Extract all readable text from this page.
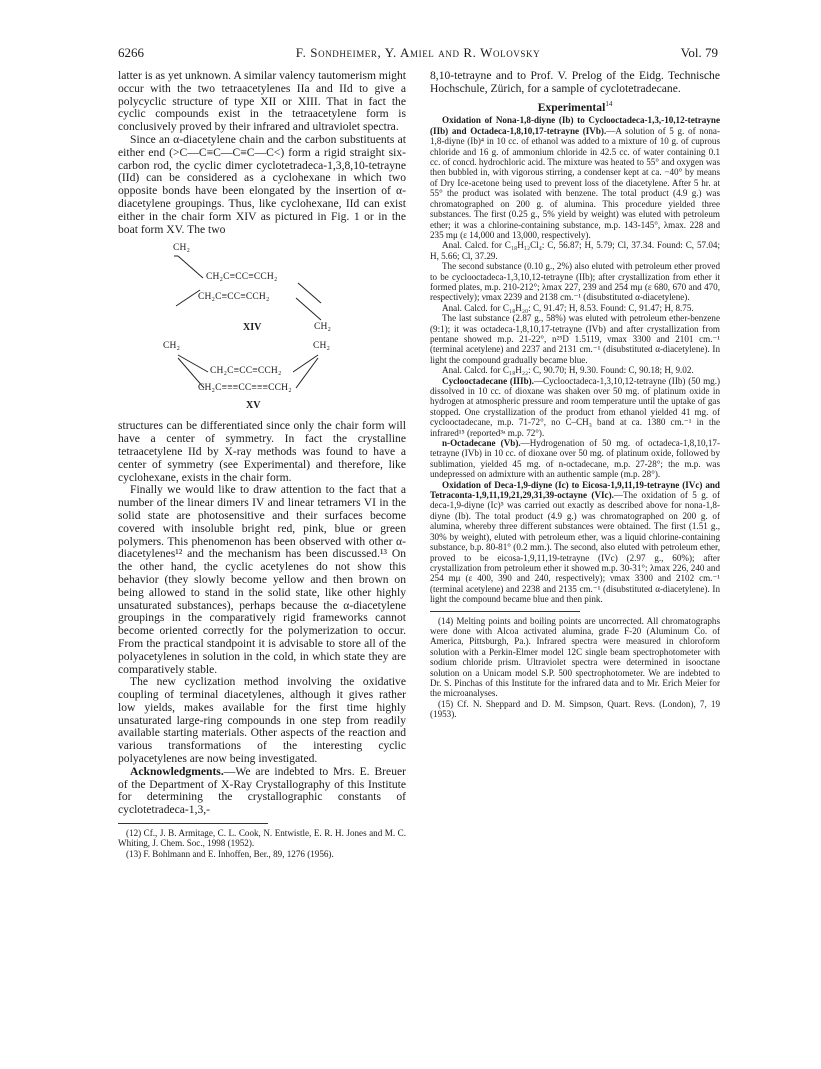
6266	F. Sondheimer, Y. Amiel and R. Wolovsky	Vol. 79

latter is as yet unknown. A similar valency tautomerism might occur with the two tetraacetylenes IIa and IId to give a polycyclic structure of type XII or XIII. That in fact the cyclic compounds exist in the tetraacetylene form is conclusively proved by their infrared and ultraviolet spectra.

Since an α-diacetylene chain and the carbon substituents at either end (>C—C≡C—C≡C—C<) form a rigid straight six-carbon rod, the cyclic dimer cyclotetradeca-1,3,8,10-tetrayne (IId) can be considered as a cyclohexane in which two opposite bonds have been elongated by the insertion of α-diacetylene groupings. Thus, like cyclohexane, IId can exist either in the chair form XIV as pictured in Fig. 1 or in the boat form XV. The two

CH₂
CH₂C≡CC≡CCH₂
CH₂C≡CC≡CCH₂
CH₂
XIV
CH₂	CH₂
CH₂C≡CC≡CCH₂
CH₂C≡≡≡CC≡≡≡CCH₂
XV

structures can be differentiated since only the chair form will have a center of symmetry. In fact the crystalline tetraacetylene IId by X-ray methods was found to have a center of symmetry (see Experimental) and therefore, like cyclohexane, exists in the chair form.

Finally we would like to draw attention to the fact that a number of the linear dimers IV and linear tetramers VI in the solid state are photosensitive and their surfaces become covered with insoluble bright red, pink, blue or green polymers. This phenomenon has been observed with other α-diacetylenes¹² and the mechanism has been discussed.¹³ On the other hand, the cyclic acetylenes do not show this behavior (they slowly become yellow and then brown on being allowed to stand in the solid state, like other highly unsaturated substances), perhaps because the α-diacetylene groupings in the comparatively rigid frameworks cannot become oriented correctly for the polymerization to occur. From the practical standpoint it is advisable to store all of the polyacetylenes in solution in the cold, in which state they are comparatively stable.

The new cyclization method involving the oxidative coupling of terminal diacetylenes, although it gives rather low yields, makes available for the first time highly unsaturated large-ring compounds in one step from readily available starting materials. Other aspects of the reaction and various transformations of the interesting cyclic polyacetylenes are now being investigated.

Acknowledgments.—We are indebted to Mrs. E. Breuer of the Department of X-Ray Crystallography of this Institute for determining the crystallographic constants of cyclotetradeca-1,3,-

(12) Cf., J. B. Armitage, C. L. Cook, N. Entwistle, E. R. H. Jones and M. C. Whiting, J. Chem. Soc., 1998 (1952).

(13) F. Bohlmann and E. Inhoffen, Ber., 89, 1276 (1956).

8,10-tetrayne and to Prof. V. Prelog of the Eidg. Technische Hochschule, Zürich, for a sample of cyclotetradecane.

Experimental$^{14}$

Oxidation of Nona-1,8-diyne (Ib) to Cyclooctadeca-1,3,-10,12-tetrayne (IIb) and Octadeca-1,8,10,17-tetrayne (IVb).—A solution of 5 g. of nona-1,8-diyne (Ib)⁴ in 10 cc. of ethanol was added to a mixture of 10 g. of cuprous chloride and 16 g. of ammonium chloride in 42.5 cc. of water containing 0.1 cc. of concd. hydrochloric acid. The mixture was heated to 55° and oxygen was then bubbled in, with vigorous stirring, a condenser kept at ca. −40° by means of Dry Ice-acetone being used to prevent loss of the diacetylene. After 5 hr. at 55° the product was isolated with benzene. The total product (4.9 g.) was chromatographed on 200 g. of alumina. This procedure yielded three substances. The first (0.25 g., 5% yield by weight) was eluted with petroleum ether; it was a chlorine-containing substance, m.p. 143-145°, λmax. 228 and 235 mμ (ε 14,000 and 13,000, respectively).

Anal. Calcd. for C₁₈H₁₂Cl₄: C, 56.87; H, 5.79; Cl, 37.34. Found: C, 57.04; H, 5.66; Cl, 37.29.

The second substance (0.10 g., 2%) also eluted with petroleum ether proved to be cyclooctadeca-1,3,10,12-tetrayne (IIb); after crystallization from ether it formed plates, m.p. 210-212°; λmax 227, 239 and 254 mμ (ε 680, 670 and 470, respectively); νmax 2239 and 2138 cm.⁻¹ (disubstituted α-diacetylene).

Anal. Calcd. for C₁₈H₂₀: C, 91.47; H, 8.53. Found: C, 91.47; H, 8.75.

The last substance (2.87 g., 58%) was eluted with petroleum ether-benzene (9:1); it was octadeca-1,8,10,17-tetrayne (IVb) and after crystallization from pentane showed m.p. 21-22°, n²⁵D 1.5119, νmax 3300 and 2101 cm.⁻¹ (terminal acetylene) and 2237 and 2131 cm.⁻¹ (disubstituted α-diacetylene). In light the compound gradually became blue.

Anal. Calcd. for C₁₈H₂₂: C, 90.70; H, 9.30. Found: C, 90.18; H, 9.02.

Cyclooctadecane (IIIb).—Cyclooctadeca-1,3,10,12-tetrayne (IIb) (50 mg.) dissolved in 10 cc. of dioxane was shaken over 50 mg. of platinum oxide in hydrogen at atmospheric pressure and room temperature until the uptake of gas stopped. One crystallization of the product from ethanol yielded 41 mg. of cyclooctadecane, m.p. 71-72°, no C–CH₃ band at ca. 1380 cm.⁻¹ in the infrared¹⁵ (reported³ᵃ m.p. 72°).

n-Octadecane (Vb).—Hydrogenation of 50 mg. of octadeca-1,8,10,17-tetrayne (IVb) in 10 cc. of dioxane over 50 mg. of platinum oxide, followed by sublimation, yielded 45 mg. of n-octadecane, m.p. 27-28°; the m.p. was undepressed on admixture with an authentic sample (m.p. 28°).

Oxidation of Deca-1,9-diyne (Ic) to Eicosa-1,9,11,19-tetrayne (IVc) and Tetraconta-1,9,11,19,21,29,31,39-octayne (VIc).—The oxidation of 5 g. of deca-1,9-diyne (Ic)⁵ was carried out exactly as described above for nona-1,8-diyne (Ib). The total product (4.9 g.) was chromatographed on 200 g. of alumina, whereby three different substances were obtained. The first (1.51 g., 30% by weight), eluted with petroleum ether, was a liquid chlorine-containing substance, b.p. 80-81° (0.2 mm.). The second, also eluted with petroleum ether, proved to be eicosa-1,9,11,19-tetrayne (IVc) (2.97 g., 60%); after crystallization from petroleum ether it showed m.p. 30-31°; λmax 226, 240 and 254 mμ (ε 400, 390 and 240, respectively); νmax 3300 and 2102 cm.⁻¹ (terminal acetylene) and 2238 and 2135 cm.⁻¹ (disubstituted α-diacetylene). In light the compound became blue and then pink.

(14) Melting points and boiling points are uncorrected. All chromatographs were done with Alcoa activated alumina, grade F-20 (Aluminum Co. of America, Pittsburgh, Pa.). Infrared spectra were measured in chloroform solution with a Perkin-Elmer model 12C single beam spectrophotometer with sodium chloride prism. Ultraviolet spectra were determined in isooctane solution on a Unicam model S.P. 500 spectrophotometer. We are indebted to Dr. S. Pinchas of this Institute for the infrared data and to Mr. Erich Meier for the microanalyses.

(15) Cf. N. Sheppard and D. M. Simpson, Quart. Revs. (London), 7, 19 (1953).
